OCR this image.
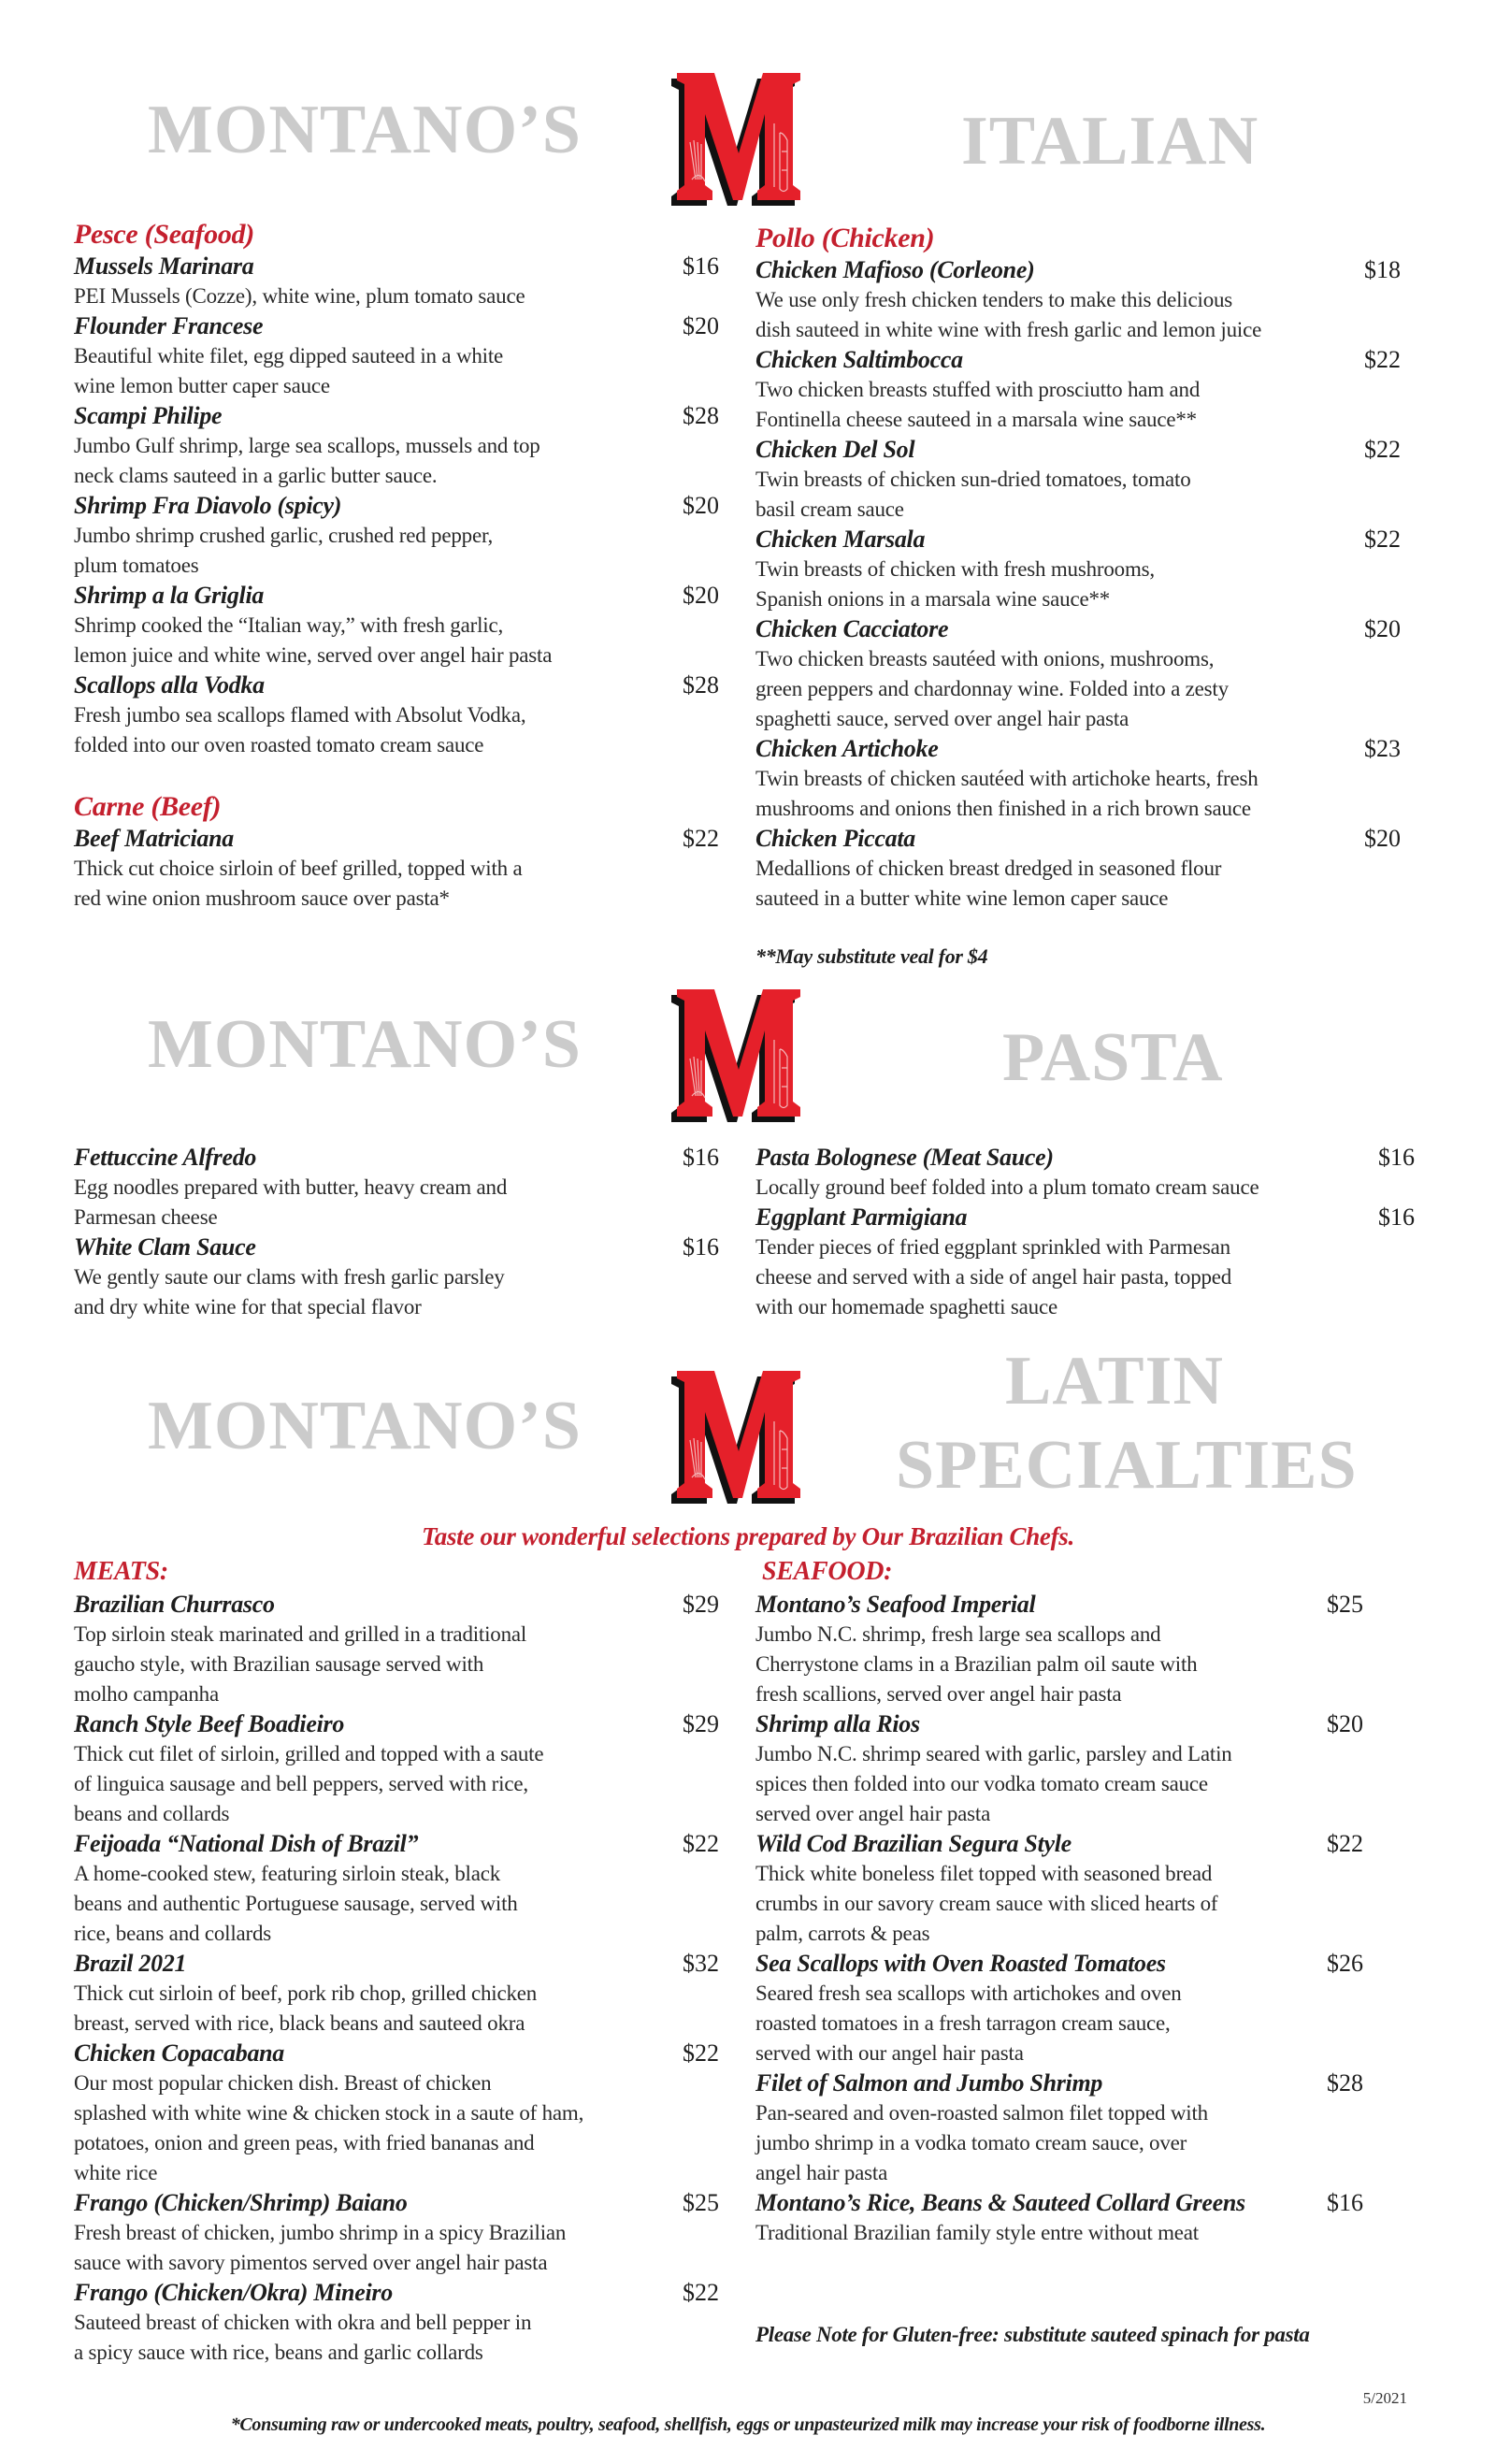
MONTANO’S	ITALIAN
Pesce (Seafood)
Mussels Marinara	$16
PEI Mussels (Cozze), white wine, plum tomato sauce
Flounder Francese	$20
Beautiful white filet, egg dipped sauteed in a white
wine lemon butter caper sauce
Scampi Philipe	$28
Jumbo Gulf shrimp, large sea scallops, mussels and top
neck clams sauteed in a garlic butter sauce.
Shrimp Fra Diavolo (spicy)	$20
Jumbo shrimp crushed garlic, crushed red pepper,
plum tomatoes
Shrimp a la Griglia	$20
Shrimp cooked the “Italian way,” with fresh garlic,
lemon juice and white wine, served over angel hair pasta
Scallops alla Vodka	$28
Fresh jumbo sea scallops flamed with Absolut Vodka,
folded into our oven roasted tomato cream sauce
Carne (Beef)
Beef Matriciana	$22
Thick cut choice sirloin of beef grilled, topped with a
red wine onion mushroom sauce over pasta*
Pollo (Chicken)
Chicken Mafioso (Corleone)	$18
We use only fresh chicken tenders to make this delicious
dish sauteed in white wine with fresh garlic and lemon juice
Chicken Saltimbocca	$22
Two chicken breasts stuffed with prosciutto ham and
Fontinella cheese sauteed in a marsala wine sauce**
Chicken Del Sol	$22
Twin breasts of chicken sun-dried tomatoes, tomato
basil cream sauce
Chicken Marsala	$22
Twin breasts of chicken with fresh mushrooms,
Spanish onions in a marsala wine sauce**
Chicken Cacciatore	$20
Two chicken breasts sautéed with onions, mushrooms,
green peppers and chardonnay wine. Folded into a zesty
spaghetti sauce, served over angel hair pasta
Chicken Artichoke	$23
Twin breasts of chicken sautéed with artichoke hearts, fresh
mushrooms and onions then finished in a rich brown sauce
Chicken Piccata	$20
Medallions of chicken breast dredged in seasoned flour
sauteed in a butter white wine lemon caper sauce
**May substitute veal for $4
MONTANO’S	PASTA
Fettuccine Alfredo	$16
Egg noodles prepared with butter, heavy cream and
Parmesan cheese
White Clam Sauce	$16
We gently saute our clams with fresh garlic parsley
and dry white wine for that special flavor
Pasta Bolognese (Meat Sauce)	$16
Locally ground beef folded into a plum tomato cream sauce
Eggplant Parmigiana	$16
Tender pieces of fried eggplant sprinkled with Parmesan
cheese and served with a side of angel hair pasta, topped
with our homemade spaghetti sauce
MONTANO’S
LATIN
SPECIALTIES
Taste our wonderful selections prepared by Our Brazilian Chefs.
MEATS:	SEAFOOD:
Brazilian Churrasco	$29
Top sirloin steak marinated and grilled in a traditional
gaucho style, with Brazilian sausage served with
molho campanha
Ranch Style Beef Boadieiro	$29
Thick cut filet of sirloin, grilled and topped with a saute
of linguica sausage and bell peppers, served with rice,
beans and collards
Feijoada “National Dish of Brazil”	$22
A home-cooked stew, featuring sirloin steak, black
beans and authentic Portuguese sausage, served with
rice, beans and collards
Brazil 2021	$32
Thick cut sirloin of beef, pork rib chop, grilled chicken
breast, served with rice, black beans and sauteed okra
Chicken Copacabana	$22
Our most popular chicken dish. Breast of chicken
splashed with white wine & chicken stock in a saute of ham,
potatoes, onion and green peas, with fried bananas and
white rice
Frango (Chicken/Shrimp) Baiano	$25
Fresh breast of chicken, jumbo shrimp in a spicy Brazilian
sauce with savory pimentos served over angel hair pasta
Frango (Chicken/Okra) Mineiro	$22
Sauteed breast of chicken with okra and bell pepper in
a spicy sauce with rice, beans and garlic collards
Montano’s Seafood Imperial	$25
Jumbo N.C. shrimp, fresh large sea scallops and
Cherrystone clams in a Brazilian palm oil saute with
fresh scallions, served over angel hair pasta
Shrimp alla Rios	$20
Jumbo N.C. shrimp seared with garlic, parsley and Latin
spices then folded into our vodka tomato cream sauce
served over angel hair pasta
Wild Cod Brazilian Segura Style	$22
Thick white boneless filet topped with seasoned bread
crumbs in our savory cream sauce with sliced hearts of
palm, carrots & peas
Sea Scallops with Oven Roasted Tomatoes	$26
Seared fresh sea scallops with artichokes and oven
roasted tomatoes in a fresh tarragon cream sauce,
served with our angel hair pasta
Filet of Salmon and Jumbo Shrimp	$28
Pan-seared and oven-roasted salmon filet topped with
jumbo shrimp in a vodka tomato cream sauce, over
angel hair pasta
Montano’s Rice, Beans & Sauteed Collard Greens	$16
Traditional Brazilian family style entre without meat
Please Note for Gluten-free: substitute sauteed spinach for pasta
5/2021
*Consuming raw or undercooked meats, poultry, seafood, shellfish, eggs or unpasteurized milk may increase your risk of foodborne illness.
